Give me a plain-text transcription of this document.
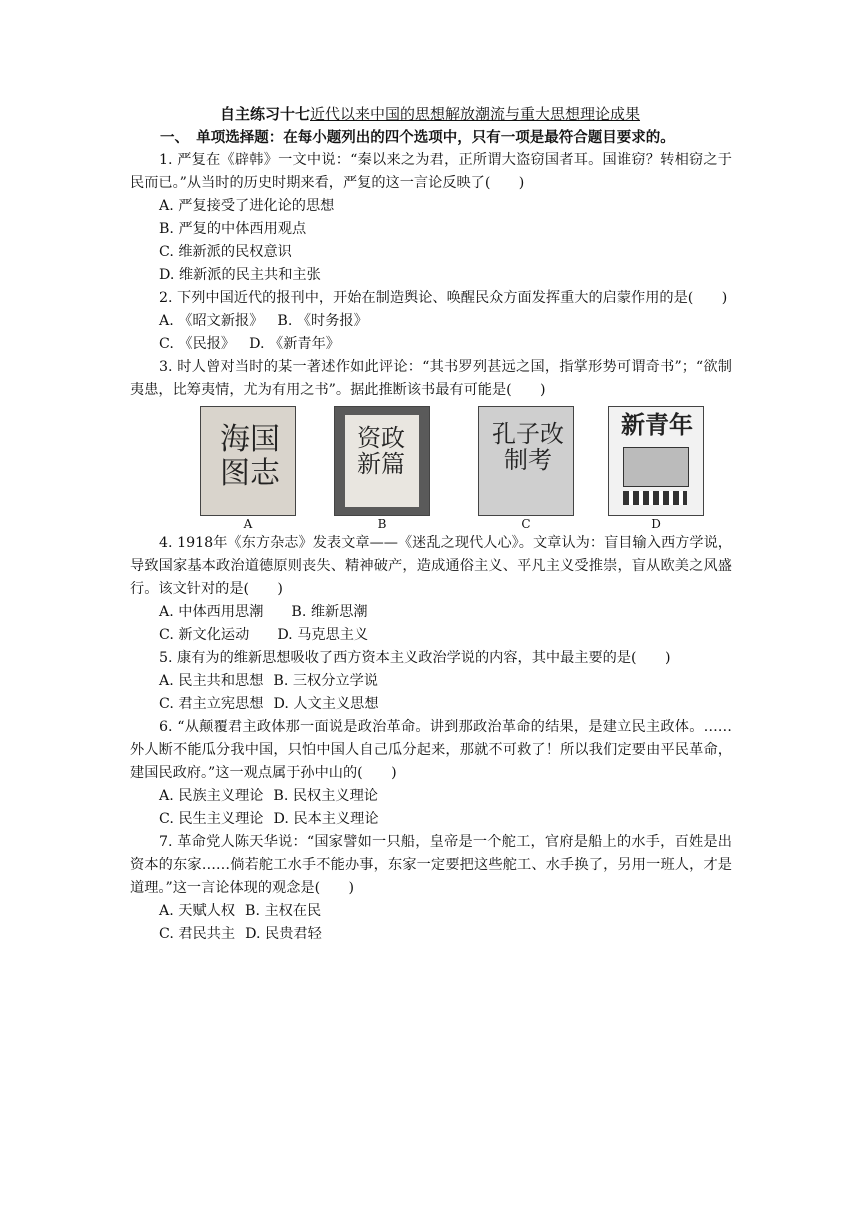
自主练习十七近代以来中国的思想解放潮流与重大思想理论成果
一、　单项选择题：在每小题列出的四个选项中，只有一项是最符合题目要求的。

1. 严复在《辟韩》一文中说：“秦以来之为君，正所谓大盗窃国者耳。国谁窃？转相窃之于民而已。”从当时的历史时期来看，严复的这一言论反映了(　　)

A. 严复接受了进化论的思想

B. 严复的中体西用观点

C. 维新派的民权意识

D. 维新派的民主共和主张

2. 下列中国近代的报刊中，开始在制造舆论、唤醒民众方面发挥重大的启蒙作用的是(　　)

A. 《昭文新报》 B. 《时务报》

C. 《民报》 D. 《新青年》

3. 时人曾对当时的某一著述作如此评论：“其书罗列甚远之国，指掌形势可谓奇书”；“欲制夷患，比筹夷情，尤为有用之书”。据此推断该书最有可能是(　　)

海国图志
A
资政新篇
B
孔子改制考
C
新青年
D

4. 1918年《东方杂志》发表文章——《迷乱之现代人心》。文章认为：盲目输入西方学说，导致国家基本政治道德原则丧失、精神破产，造成通俗主义、平凡主义受推崇，盲从欧美之风盛行。该文针对的是(　　)

A. 中体西用思潮 B. 维新思潮

C. 新文化运动 D. 马克思主义

5. 康有为的维新思想吸收了西方资本主义政治学说的内容，其中最主要的是(　　)

A. 民主共和思想 B. 三权分立学说

C. 君主立宪思想 D. 人文主义思想

6. “从颠覆君主政体那一面说是政治革命。讲到那政治革命的结果，是建立民主政体。……　　外人断不能瓜分我中国，只怕中国人自己瓜分起来，那就不可救了！所以我们定要由平民革命，建国民政府。”这一观点属于孙中山的(　　)

A. 民族主义理论 B. 民权主义理论

C. 民生主义理论 D. 民本主义理论

7. 革命党人陈天华说：“国家譬如一只船，皇帝是一个舵工，官府是船上的水手，百姓是出资本的东家……倘若舵工水手不能办事，东家一定要把这些舵工、水手换了，另用一班人，才是道理。”这一言论体现的观念是(　　)

A. 天赋人权 B. 主权在民

C. 君民共主 D. 民贵君轻
